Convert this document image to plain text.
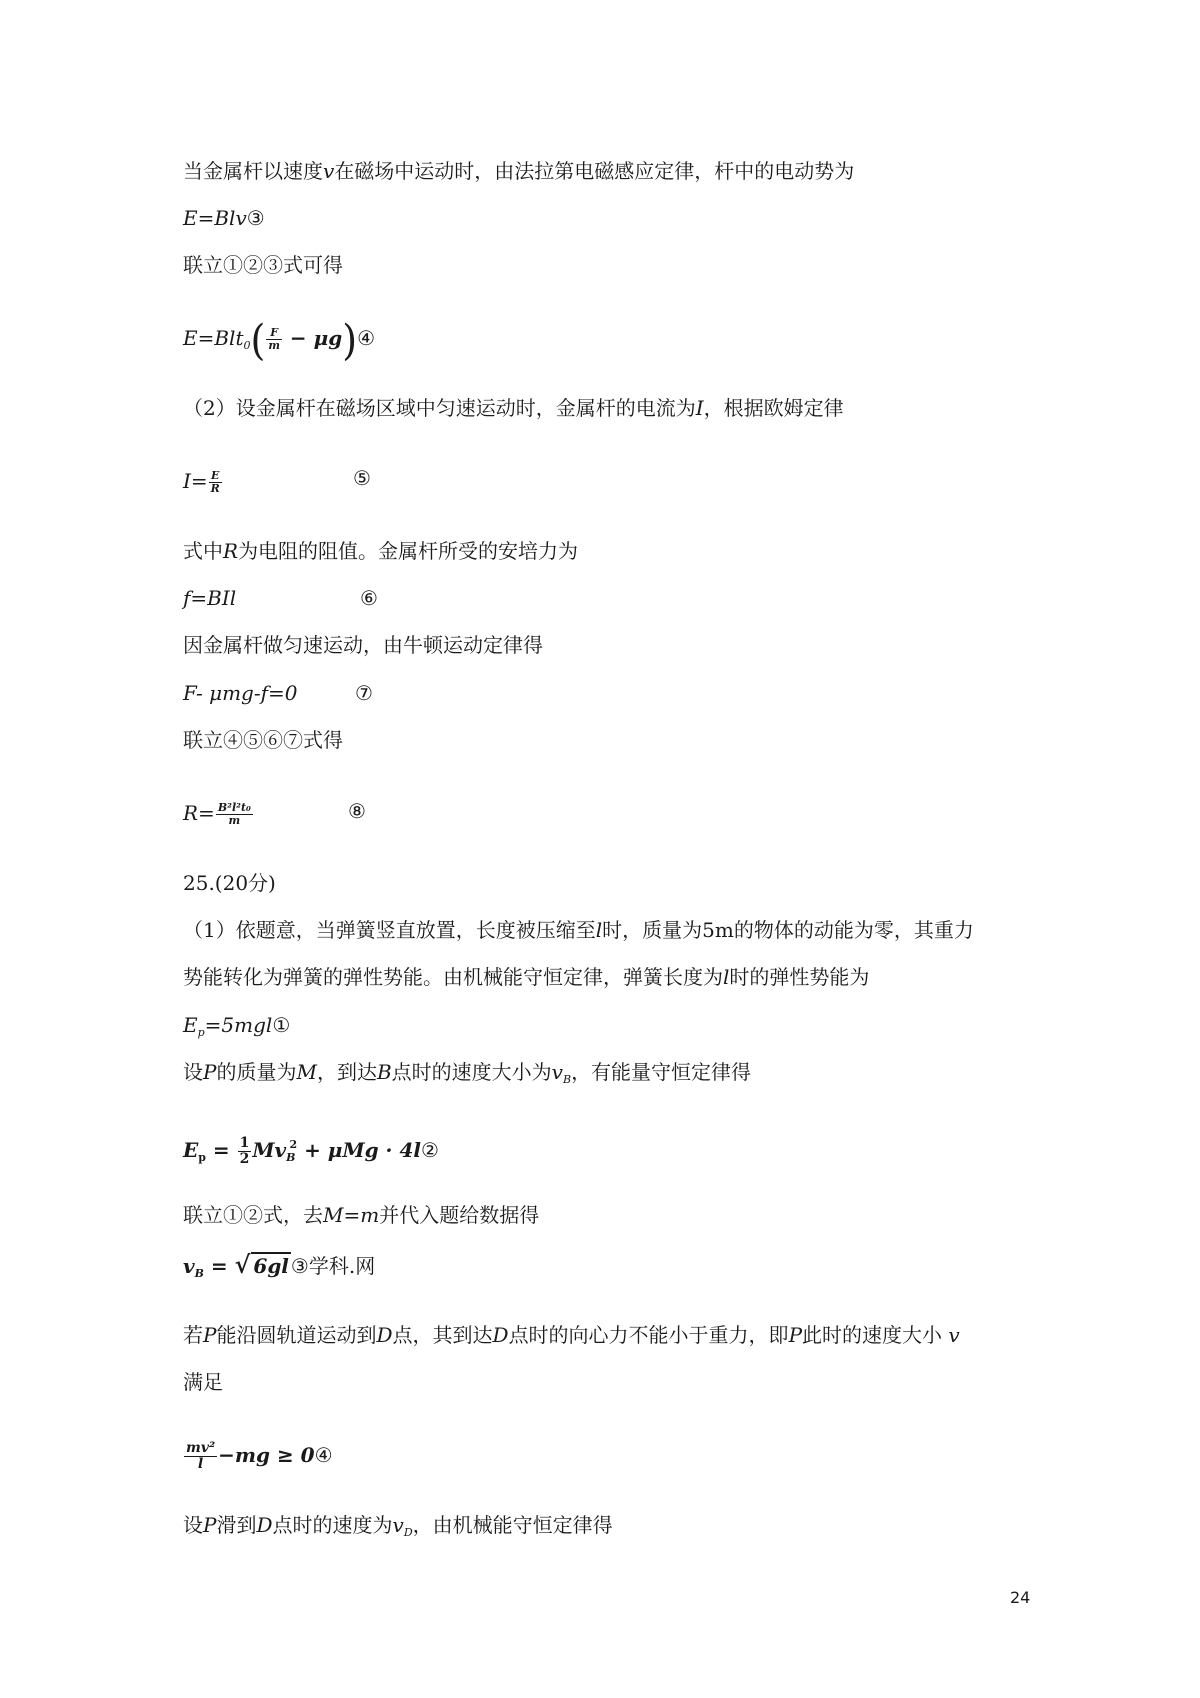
当金属杆以速度v在磁场中运动时，由法拉第电磁感应定律，杆中的电动势为
E=Blv③
联立①②③式可得
$E=Blt_0( \frac{F}{m}$ − μg)④
（2）设金属杆在磁场区域中匀速运动时，金属杆的电流为I，根据欧姆定律
$I= \frac{E}{R}$	⑤
式中R为电阻的阻值。金属杆所受的安培力为
f=BIl	⑥
因金属杆做匀速运动，由牛顿运动定律得
F- μmg-f=0	⑦
联立④⑤⑥⑦式得
$R= \frac{\text{B²l²t₀}}{m}$	⑧
25.(20分)
（1）依题意，当弹簧竖直放置，长度被压缩至l时，质量为5m的物体的动能为零，其重力
势能转化为弹簧的弹性势能。由机械能守恒定律，弹簧长度为l时的弹性势能为
$E_p=5mgl①$
设P的质量为M，到达B点时的速度大小为$v_B$，有能量守恒定律得
$E_p = \frac{1}{2} Mv_B^2 + \mu Mg$ · 4l②
联立①②式，去M=m并代入题给数据得
$v_B$ = √ 6gl ③学科.网
若P能沿圆轨道运动到D点，其到达D点时的向心力不能小于重力，即P此时的速度大小 v
满足
$\frac{\text{mv²}}{l} -mg$ ≥ 0④
设P滑到D点时的速度为$v_D$，由机械能守恒定律得
24
